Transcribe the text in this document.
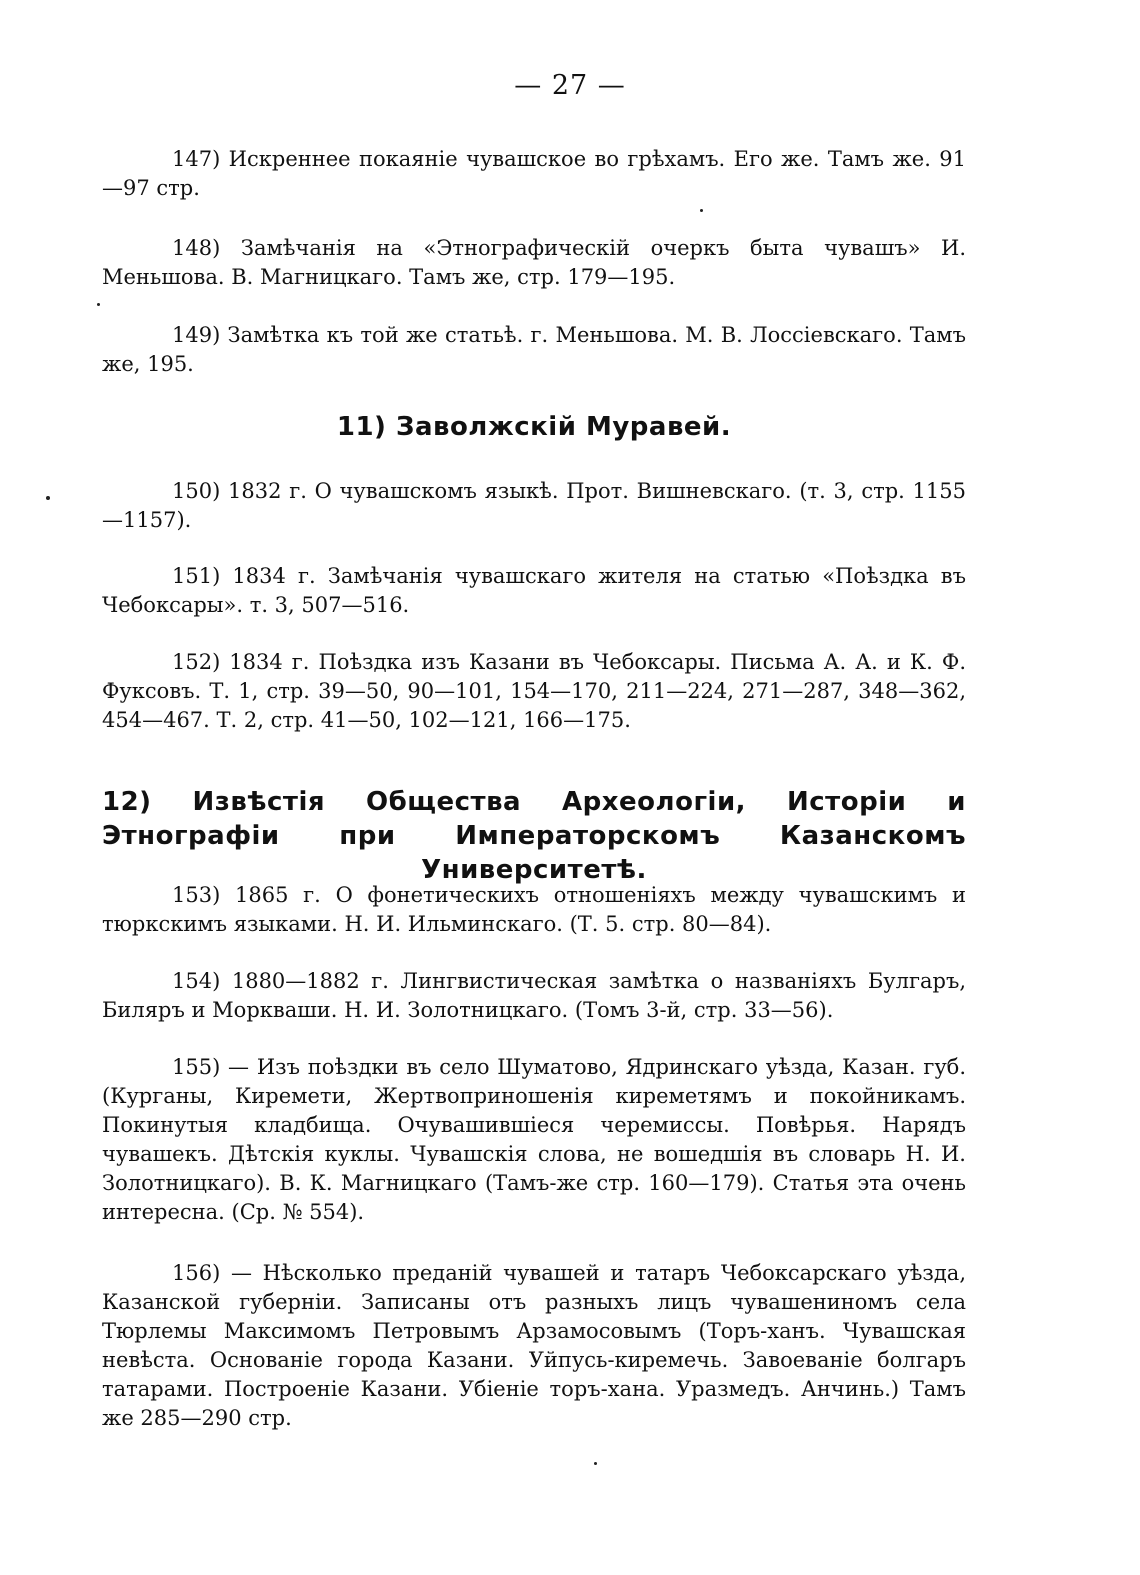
— 27 —
147) Искреннее покаяніе чувашское во грѣхамъ. Его же. Тамъ же. 91—97 стр.
148) Замѣчанія на «Этнографическій очеркъ быта чувашъ» И. Меньшова. В. Магницкаго. Тамъ же, стр. 179—195.
149) Замѣтка къ той же статьѣ. г. Меньшова. М. В. Лоссіевскаго. Тамъ же, 195.
11) Заволжскій Муравей.
150) 1832 г. О чувашскомъ языкѣ. Прот. Вишневскаго. (т. 3, стр. 1155—1157).
151) 1834 г. Замѣчанія чувашскаго жителя на статью «Поѣздка въ Чебоксары». т. 3, 507—516.
152) 1834 г. Поѣздка изъ Казани въ Чебоксары. Письма А. А. и К. Ф. Фуксовъ. Т. 1, стр. 39—50, 90—101, 154—170, 211—224, 271—287, 348—362, 454—467. Т. 2, стр. 41—50, 102—121, 166—175.
12) Извѣстія Общества Археологіи, Исторіи и Этнографіи при Императорскомъ Казанскомъ Университетѣ.
153) 1865 г. О фонетическихъ отношеніяхъ между чувашскимъ и тюркскимъ языками. Н. И. Ильминскаго. (Т. 5. стр. 80—84).
154) 1880—1882 г. Лингвистическая замѣтка о названіяхъ Булгаръ, Биляръ и Моркваши. Н. И. Золотницкаго. (Томъ 3-й, стр. 33—56).
155) — Изъ поѣздки въ село Шуматово, Ядринскаго уѣзда, Казан. губ. (Курганы, Киремети, Жертвоприношенія киреметямъ и покойникамъ. Покинутыя кладбища. Очувашившіеся черемиссы. Повѣрья. Нарядъ чувашекъ. Дѣтскія куклы. Чувашскія слова, не вошедшія въ словарь Н. И. Золотницкаго). В. К. Магницкаго (Тамъ-же стр. 160—179). Статья эта очень интересна. (Ср. № 554).
156) — Нѣсколько преданій чувашей и татаръ Чебоксарскаго уѣзда, Казанской губерніи. Записаны отъ разныхъ лицъ чувашениномъ села Тюрлемы Максимомъ Петровымъ Арзамосовымъ (Торъ-ханъ. Чувашская невѣста. Основаніе города Казани. Уйпусь-киремечь. Завоеваніе болгаръ татарами. Построеніе Казани. Убіеніе торъ-хана. Уразмедъ. Анчинь.) Тамъ же 285—290 стр.
